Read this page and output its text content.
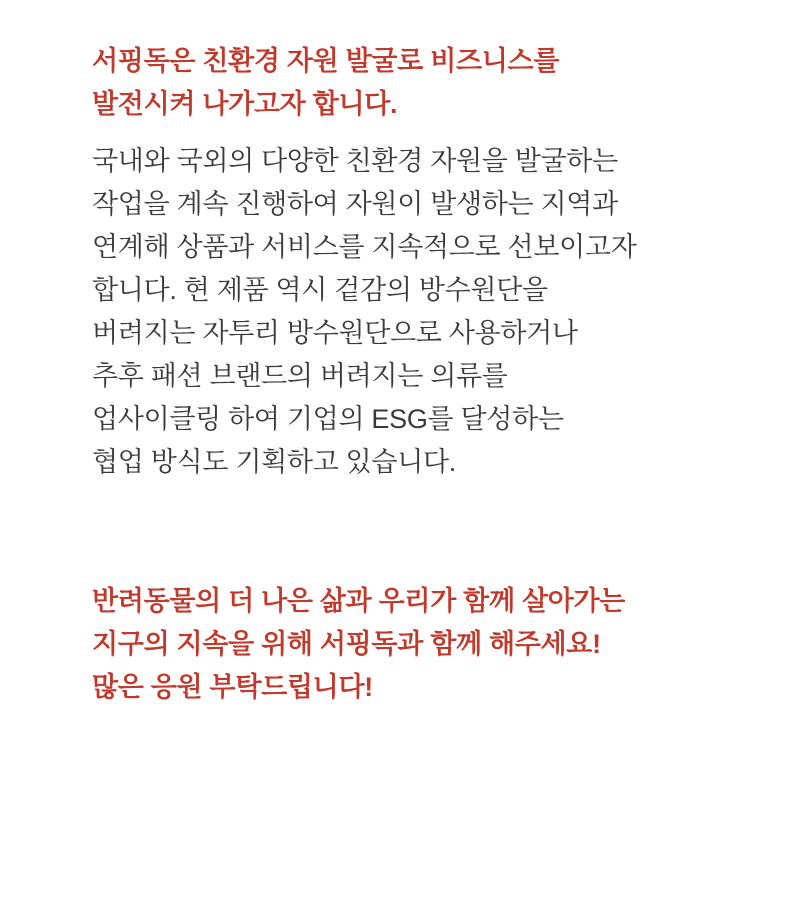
서핑독은 친환경 자원 발굴로 비즈니스를
발전시켜 나가고자 합니다.
국내와 국외의 다양한 친환경 자원을 발굴하는
작업을 계속 진행하여 자원이 발생하는 지역과
연계해 상품과 서비스를 지속적으로 선보이고자
합니다. 현 제품 역시 겉감의 방수원단을
버려지는 자투리 방수원단으로 사용하거나
추후 패션 브랜드의 버려지는 의류를
업사이클링 하여 기업의 ESG를 달성하는
협업 방식도 기획하고 있습니다.
반려동물의 더 나은 삶과 우리가 함께 살아가는
지구의 지속을 위해 서핑독과 함께 해주세요!
많은 응원 부탁드립니다!
